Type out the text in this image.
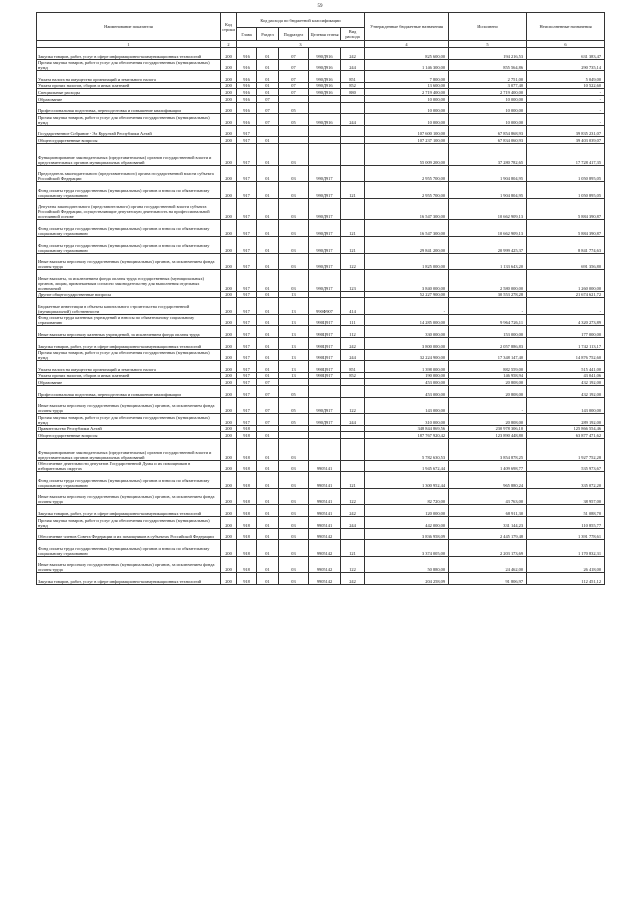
59
Наименование показателя	Код строки	Код расхода по бюджетной классификации					Утвержденные бюджетные назначения	Исполнено	Неисполненные назначения
		Глава	Раздел	Подраздел	Целевая статья	Вид расхода			
1	2	3					4	5	6
Закупка товаров, работ, услуг в сфере информационно-коммуникационных технологий	200	916	01	07	990Д916	242	825 600,00	194 216,53	631 383,47
Прочая закупка товаров, работ и услуг для обеспечения государственных (муниципальных) нужд	200	916	01	07	990Д916	244	1 146 300,00	855 564,86	290 735,14
Уплата налога на имущество организаций и земельного налога	200	916	01	07	990Д916	851	7 800,00	2 751,00	5 049,00
Уплата прочих налогов, сборов и иных платежей	200	916	01	07	990Д916	852	13 600,00	3 077,40	10 522,60
Специальные расходы	200	916	01	07	990Д916	880	2 719 400,00	2 719 400,00	-
Образование	200	916	07				10 000,00	10 000,00	-
Профессиональная подготовка, переподготовка и повышение квалификации	200	916	07	05			10 000,00	10 000,00	-
Прочая закупка товаров, работ и услуг для обеспечения государственных (муниципальных) нужд	200	916	07	05	990Д916	244	10 000,00	10 000,00	-
Государственное Собрание - Эл Курултай Республики Алтай	200	917					107 600 100,00	67 854 868,93	39 835 231,07
Общегосударственные вопросы	200	917	01				107 237 100,00	67 834 060,93	39 403 039,07
Функционирование законодательных (представительных) органов государственной власти и представительных органов муниципальных образований	200	917	01	03			55 009 200,00	37 280 782,65	17 728 417,35
Председатель законодательного (представительного) органа государственной власти субъекта Российской Федерации	200	917	01	03	990Д917		2 955 700,00	1 904 804,95	1 050 895,05
Фонд оплаты труда государственных (муниципальных) органов и взносы по обязательному социальному страхованию	200	917	01	03	990Д917	121	2 955 700,00	1 904 804,95	1 050 895,05
Депутаты законодательного (представительного) органа государственной власти субъекта Российской Федерации, осуществляющие депутатскую деятельность на профессиональной постоянной основе	200	917	01	03	990Д917		16 547 300,00	10 662 909,13	5 884 390,87
Фонд оплаты труда государственных (муниципальных) органов и взносы по обязательному социальному страхованию	200	917	01	03	990Д917	121	16 547 300,00	10 662 909,13	5 884 390,87
Фонд оплаты труда государственных (муниципальных) органов и взносы по обязательному социальному страхованию	200	917	01	03	990Д917	121	29 841 200,00	20 999 425,37	8 841 774,63
Иные выплаты персоналу государственных (муниципальных) органов, за исключением фонда оплаты труда	200	917	01	03	990Д917	122	1 825 000,00	1 133 643,20	691 356,80
Иные выплаты, за исключением фонда оплаты труда государственных (муниципальных) органов, лицам, привлекаемым согласно законодательству для выполнения отдельных полномочий	200	917	01	03	990Д917	123	3 840 000,00	2 580 000,00	1 260 000,00
Другие общегосударственные вопросы	200	917	01	13			52 227 900,00	30 553 278,28	21 674 621,72
Бюджетные инвестиции в объекты капитального строительства государственной (муниципальной) собственности	200	917	01	13	990Ф907	414	-	-	-
Фонд оплаты труда казенных учреждений и взносы по обязательному социальному страхованию	200	917	01	13	990Ц917	111	14 285 000,00	9 964 726,11	4 320 273,89
Иные выплаты персоналу казенных учреждений, за исключением фонда оплаты труда	200	917	01	13	990Ц917	112	330 000,00	153 000,00	177 000,00
Закупка товаров, работ, услуг в сфере информационно-коммуникационных технологий	200	917	01	13	990Ц917	242	3 800 000,00	2 057 886,83	1 742 113,17
Прочая закупка товаров, работ и услуг для обеспечения государственных (муниципальных) нужд	200	917	01	13	990Ц917	244	32 224 900,00	17 348 147,40	14 876 752,60
Уплата налога на имущество организаций и земельного налога	200	917	01	13	990Ц917	851	1 398 000,00	882 559,00	515 441,00
Уплата прочих налогов, сборов и иных платежей	200	917	01	13	990Ц917	852	190 000,00	146 958,94	43 041,06
Образование	200	917	07				453 000,00	20 808,00	432 192,00
Профессиональная подготовка, переподготовка и повышение квалификации	200	917	07	05			453 000,00	20 808,00	432 192,00
Иные выплаты персоналу государственных (муниципальных) органов, за исключением фонда оплаты труда	200	917	07	05	990Д917	122	143 000,00	-	143 000,00
Прочая закупка товаров, работ и услуг для обеспечения государственных (муниципальных) нужд	200	917	07	05	990Д917	244	310 000,00	20 808,00	289 192,00
Правительство Республики Алтай	200	918					348 844 869,56	230 978 306,10	125 866 554,46
Общегосударственные вопросы	200	918	01				187 767 920,42	123 890 448,80	63 877 471,62
Функционирование законодательных (представительных) органов государственной власти и представительных органов муниципальных образований	200	918	01	03			5 782 630,53	3 854 878,25	1 927 752,28
Обеспечение деятельности депутатов Государственной Думы и их помощников в избирательных округах	200	918	01	03	9905141		1 945 672,44	1 409 698,77	535 973,67
Фонд оплаты труда государственных (муниципальных) органов и взносы по обязательному социальному страхованию	200	918	01	03	9905141	121	1 300 952,44	965 880,24	335 072,20
Иные выплаты персоналу государственных (муниципальных) органов, за исключением фонда оплаты труда	200	918	01	03	9905141	122	82 720,00	43 763,00	38 957,00
Закупка товаров, работ, услуг в сфере информационно-коммуникационных технологий	200	918	01	03	9905141	242	120 000,00	68 911,30	51 088,70
Прочая закупка товаров, работ и услуг для обеспечения государственных (муниципальных) нужд	200	918	01	03	9905141	244	442 000,00	331 144,23	110 855,77
Обеспечение членов Совета Федерации и их помощников в субъектах Российской Федерации	200	918	01	03	9905142		3 836 958,09	2 445 179,48	1 391 778,61
Фонд оплаты труда государственных (муниципальных) органов и взносы по обязательному социальному страхованию	200	918	01	03	9905142	121	3 374 005,00	2 203 173,69	1 170 832,31
Иные выплаты персоналу государственных (муниципальных) органов, за исключением фонда оплаты труда	200	918	01	03	9905142	122	50 880,00	24 462,00	26 418,00
Закупка товаров, работ, услуг в сфере информационно-коммуникационных технологий	200	918	01	03	9905142	242	204 258,09	91 806,97	112 451,12
